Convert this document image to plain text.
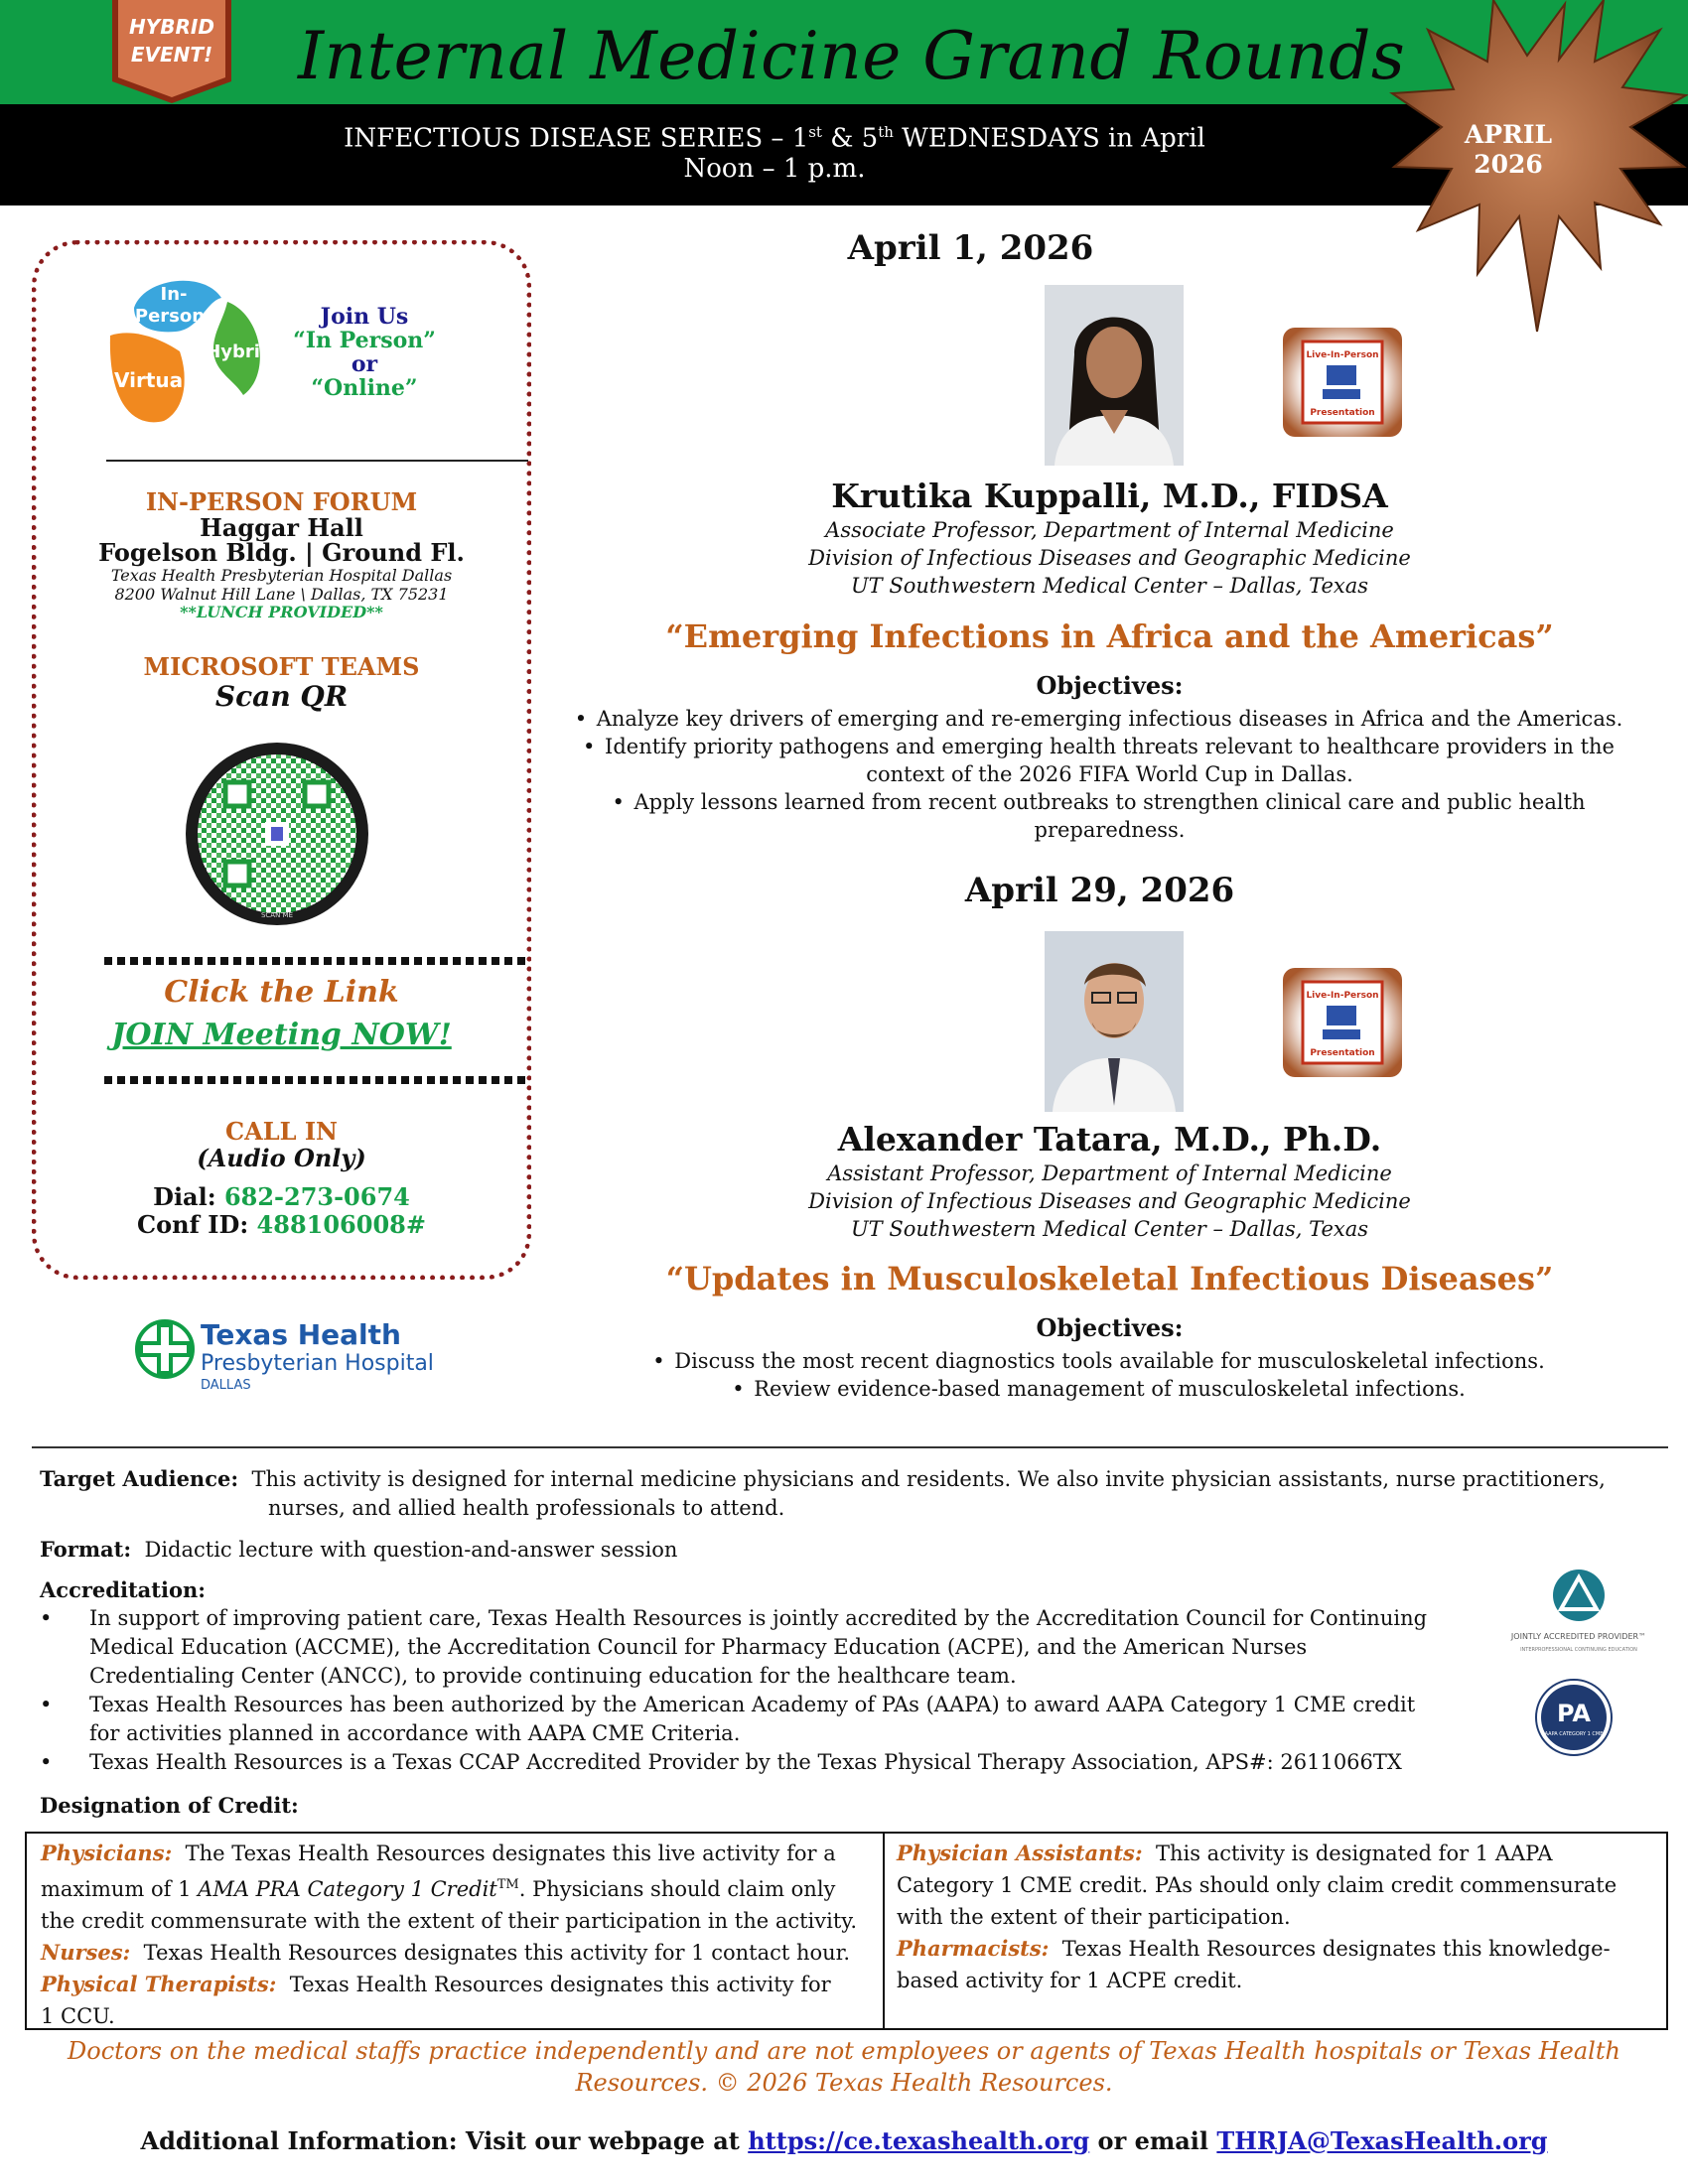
HYBRID
EVENT! Internal Medicine Grand Rounds
INFECTIOUS DISEASE SERIES – 1st & 5th WEDNESDAYS in April
Noon – 1 p.m.
APRIL
2026
In-
Person
Hybrid
Virtual
Join Us
“In Person”
or
“Online”
IN-PERSON FORUM
Haggar Hall
Fogelson Bldg. | Ground Fl.
Texas Health Presbyterian Hospital Dallas
8200 Walnut Hill Lane \ Dallas, TX 75231
**LUNCH PROVIDED**
MICROSOFT TEAMS
Scan QR
SCAN ME
Click the Link
JOIN Meeting NOW!
CALL IN
(Audio Only)
Dial: 682-273-0674
Conf ID: 488106008#
Texas Health
Presbyterian Hospital
DALLAS
April 1, 2026
Live-In-Person
Presentation
Krutika Kuppalli, M.D., FIDSA
Associate Professor, Department of Internal Medicine
Division of Infectious Diseases and Geographic Medicine
UT Southwestern Medical Center – Dallas, Texas
“Emerging Infections in Africa and the Americas”
Objectives:
• Analyze key drivers of emerging and re-emerging infectious diseases in Africa and the Americas.
• Identify priority pathogens and emerging health threats relevant to healthcare providers in the
context of the 2026 FIFA World Cup in Dallas.
• Apply lessons learned from recent outbreaks to strengthen clinical care and public health
preparedness.
April 29, 2026
Live-In-Person
Presentation
Alexander Tatara, M.D., Ph.D.
Assistant Professor, Department of Internal Medicine
Division of Infectious Diseases and Geographic Medicine
UT Southwestern Medical Center – Dallas, Texas
“Updates in Musculoskeletal Infectious Diseases”
Objectives:
• Discuss the most recent diagnostics tools available for musculoskeletal infections.
• Review evidence-based management of musculoskeletal infections.
Target Audience: This activity is designed for internal medicine physicians and residents. We also invite physician assistants, nurse practitioners,
nurses, and allied health professionals to attend.
Format: Didactic lecture with question-and-answer session
Accreditation:
• In support of improving patient care, Texas Health Resources is jointly accredited by the Accreditation Council for Continuing
Medical Education (ACCME), the Accreditation Council for Pharmacy Education (ACPE), and the American Nurses
Credentialing Center (ANCC), to provide continuing education for the healthcare team.
• Texas Health Resources has been authorized by the American Academy of PAs (AAPA) to award AAPA Category 1 CME credit
for activities planned in accordance with AAPA CME Criteria.
• Texas Health Resources is a Texas CCAP Accredited Provider by the Texas Physical Therapy Association, APS#: 2611066TX
JOINTLY ACCREDITED PROVIDER™
INTERPROFESSIONAL CONTINUING EDUCATION
PA
AAPA CATEGORY 1 CME
Designation of Credit:
Physicians: The Texas Health Resources designates this live activity for a
maximum of 1 AMA PRA Category 1 Credit™. Physicians should claim only
the credit commensurate with the extent of their participation in the activity.
Nurses: Texas Health Resources designates this activity for 1 contact hour.
Physical Therapists: Texas Health Resources designates this activity for
1 CCU.
Physician Assistants: This activity is designated for 1 AAPA
Category 1 CME credit. PAs should only claim credit commensurate
with the extent of their participation.
Pharmacists: Texas Health Resources designates this knowledge-
based activity for 1 ACPE credit.
Doctors on the medical staffs practice independently and are not employees or agents of Texas Health hospitals or Texas Health
Resources. © 2026 Texas Health Resources.
Additional Information: Visit our webpage at https://ce.texashealth.org or email THRJA@TexasHealth.org
